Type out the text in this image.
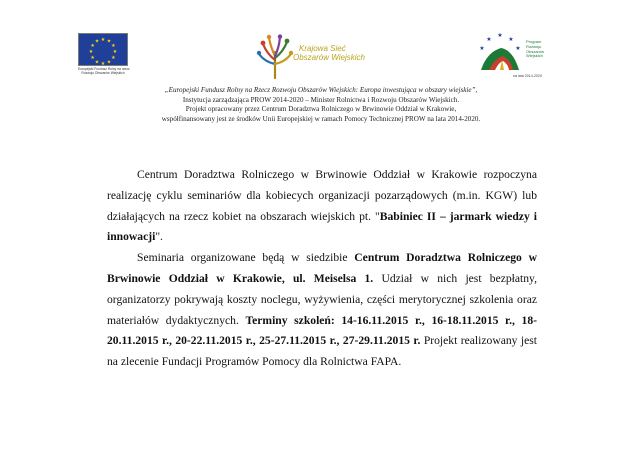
★ ★
★
★
★
★
★
★
★
★
★
★
Europejski Fundusz Rolny na rzecz
Rozwoju Obszarów Wiejskich
Krajowa Sieć
Obszarów Wiejskich
★
★
★
★
★
Program
Rozwoju
Obszarów
Wiejskich
na lata 2014-2020
„Europejski Fundusz Rolny na Rzecz Rozwoju Obszarów Wiejskich: Europa inwestująca w obszary wiejskie”,
Instytucja zarządzająca PROW 2014-2020 – Minister Rolnictwa i Rozwoju Obszarów Wiejskich.
Projekt opracowany przez Centrum Doradztwa Rolniczego w Brwinowie Oddział w Krakowie,
współfinansowany jest ze środków Unii Europejskiej w ramach Pomocy Technicznej PROW na lata 2014-2020.

Centrum Doradztwa Rolniczego w Brwinowie Oddział w Krakowie rozpoczyna realizację cyklu seminariów dla kobiecych organizacji pozarządowych (m.in. KGW) lub działających na rzecz kobiet na obszarach wiejskich pt. "Babiniec II – jarmark wiedzy i innowacji".

Seminaria organizowane będą w siedzibie Centrum Doradztwa Rolniczego w Brwinowie Oddział w Krakowie, ul. Meiselsa 1. Udział w nich jest bezpłatny, organizatorzy pokrywają koszty noclegu, wyżywienia, części merytorycznej szkolenia oraz materiałów dydaktycznych. Terminy szkoleń: 14-16.11.2015 r., 16-18.11.2015 r., 18-20.11.2015 r., 20-22.11.2015 r., 25-27.11.2015 r., 27-29.11.2015 r. Projekt realizowany jest na zlecenie Fundacji Programów Pomocy dla Rolnictwa FAPA.
